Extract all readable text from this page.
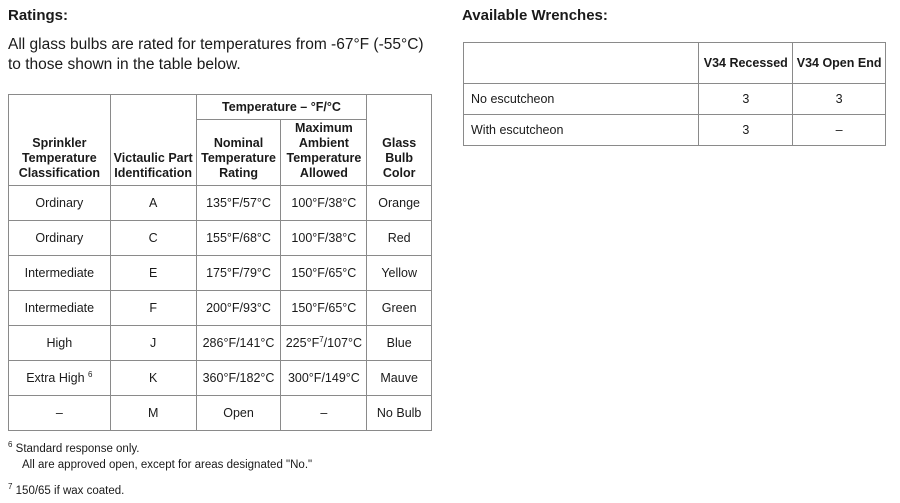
Ratings:
All glass bulbs are rated for temperatures from -67°F (-55°C) to those shown in the table below.
Sprinkler Temperature Classification	Victaulic Part Identification	Temperature – °F/°C		Glass Bulb Color
		Nominal Temperature Rating	Maximum Ambient Temperature Allowed	
Ordinary	A	135°F/57°C	100°F/38°C	Orange
Ordinary	C	155°F/68°C	100°F/38°C	Red
Intermediate	E	175°F/79°C	150°F/65°C	Yellow
Intermediate	F	200°F/93°C	150°F/65°C	Green
High	J	286°F/141°C	$225^\circ F^7/107^\circ C$	Blue
Extra High $^6$	K	360°F/182°C	300°F/149°C	Mauve
–	M	Open	–	No Bulb
$^6$ Standard response only.
All are approved open, except for areas designated "No."
$^7$ 150/65 if wax coated.
Available Wrenches:
	V34 Recessed	V34 Open End
No escutcheon	3	3
With escutcheon	3	–
